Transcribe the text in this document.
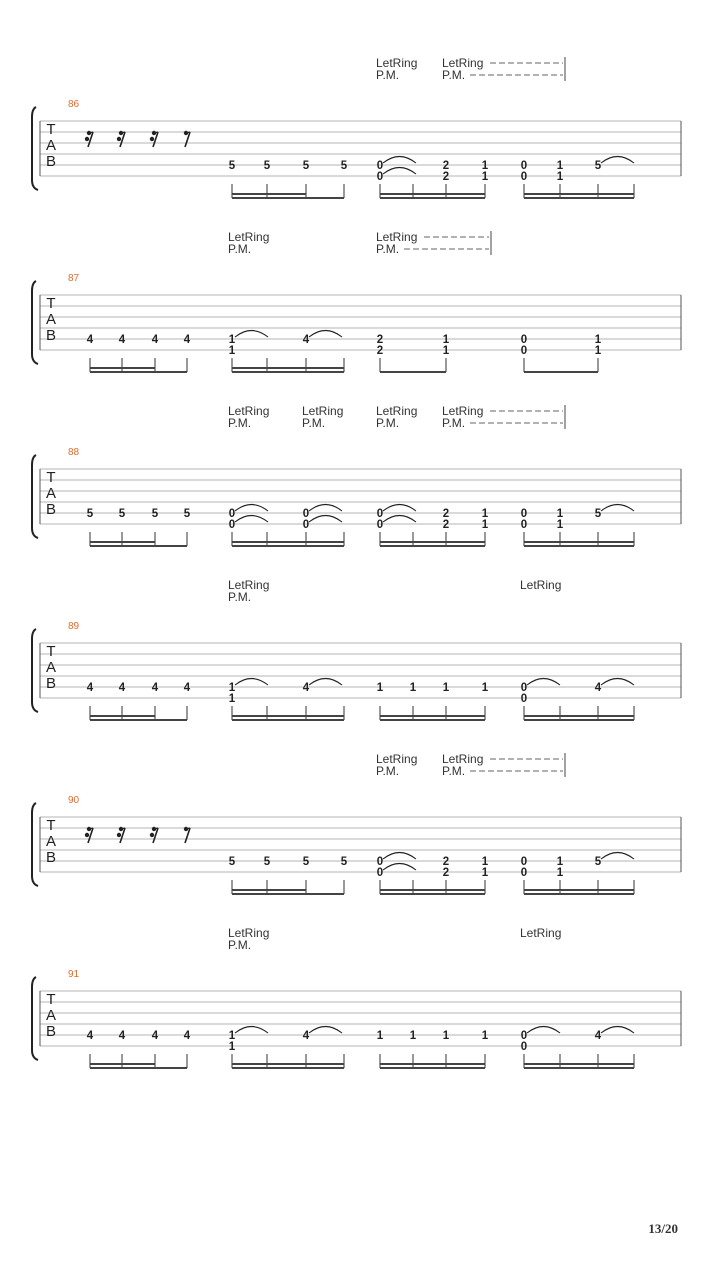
T
A
B
86
5 5	5	5	0
0
2
2
1
1
0
0
1
1
5
LetRing
P.M.
LetRing
P.M.
T
A
B
87
4 4 4 4	1
1
4	2
2
1
1
0
0
1
1
LetRing
P.M.
LetRing
P.M.
T
A
B
88
5 5 5 5	0
0
0
0
0
0
2
2
1
1
0
0
1
1
5
LetRing
P.M.
LetRing
P.M.
LetRing
P.M.
LetRing
P.M.
T
A
B
89
4 4 4 4	1
1
4	1 1 1	1	0
0
4
LetRing
P.M.
LetRing
T
A
B
90
5 5	5	5	0
0
2
2
1
1
0
0
1
1
5
LetRing
P.M.
LetRing
P.M.
T
A
B
91
4 4 4 4	1
1
4	1 1 1	1	0
0
4
LetRing
P.M.
LetRing
13/20
